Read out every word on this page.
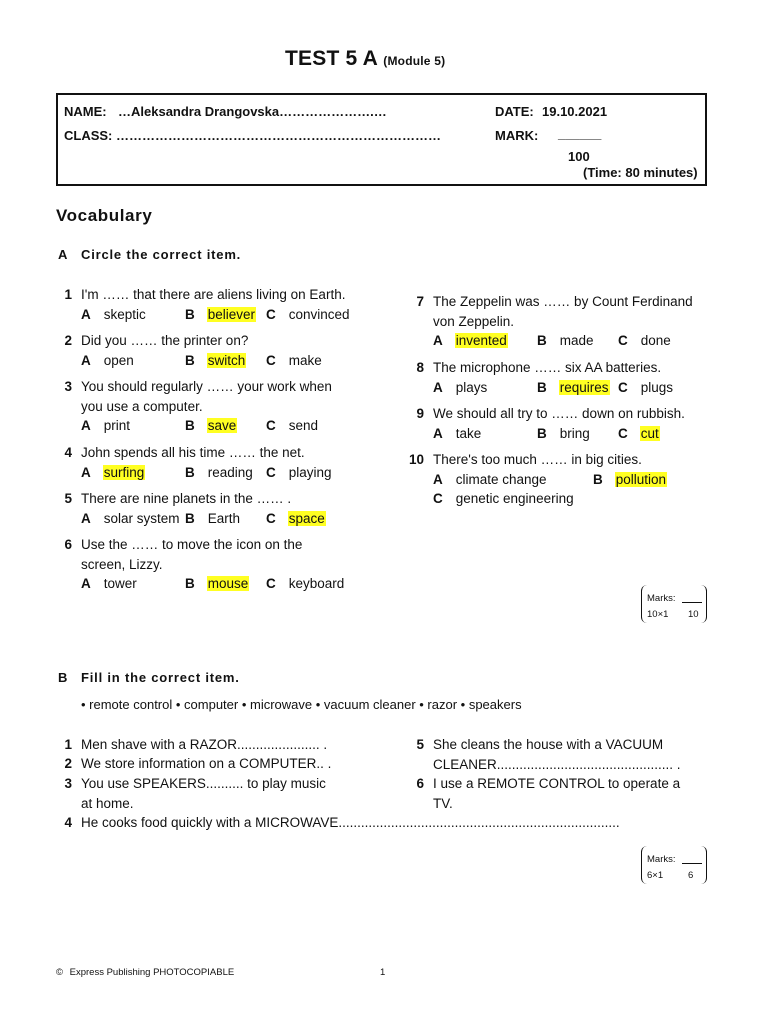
TEST 5 A (Module 5)
NAME: …Aleksandra Drangovska………………….…
CLASS: …………………………………………………………………
DATE: 19.10.2021
MARK: ______
100
(Time: 80 minutes)
Vocabulary
A Circle the correct item.
1 I'm …… that there are aliens living on Earth.
A skeptic	B believer C convinced
2 Did you …… the printer on?
A open	B switch C make
3 You should regularly …… your work when
you use a computer.
A print	B save C send
4 John spends all his time …… the net.
A surfing	B reading C playing
5 There are nine planets in the …… .
A solar system B Earth C space
6 Use the …… to move the icon on the
screen, Lizzy.
A tower	B mouse C keyboard
7 The Zeppelin was …… by Count Ferdinand
von Zeppelin.
A invented B made C done
8 The microphone …… six AA batteries.
A plays	B requires C plugs
9 We should all try to …… down on rubbish.
A take	B bring C cut
10 There's too much …… in big cities.
A climate change	B pollution
C genetic engineering
Marks:
10×1 10
B Fill in the correct item.
• remote control • computer • microwave • vacuum cleaner • razor • speakers
1 Men shave with a RAZOR...................... .
2 We store information on a COMPUTER.. .
3 You use SPEAKERS.......... to play music
at home.
4 He cooks food quickly with a MICROWAVE...........................................................................
5 She cleans the house with a VACUUM
CLEANER............................................... .
6 I use a REMOTE CONTROL to operate a
TV.
Marks:
6×1	6
© Express Publishing PHOTOCOPIABLE	1
